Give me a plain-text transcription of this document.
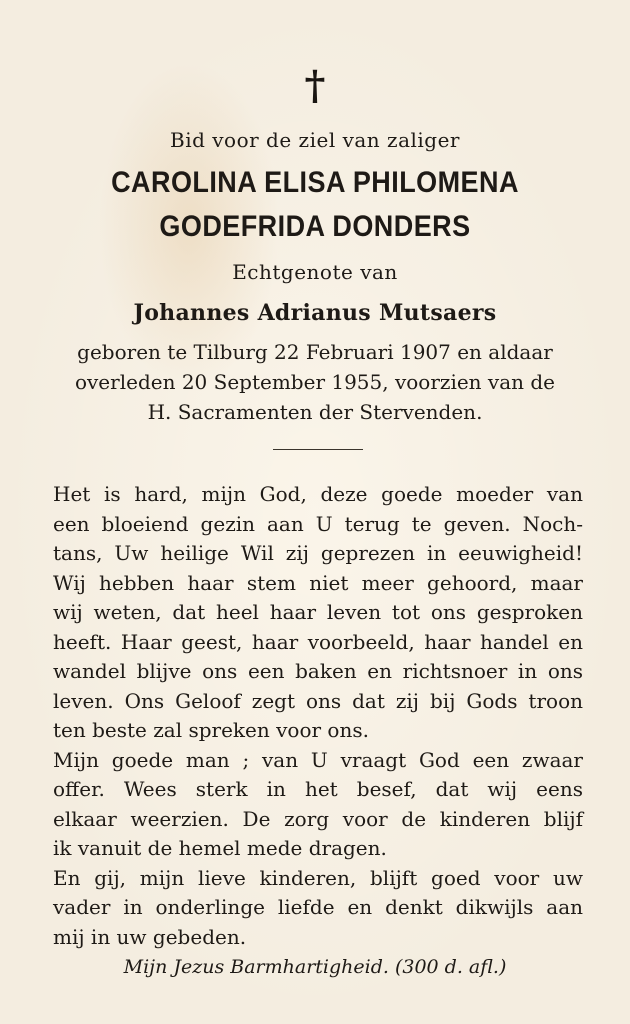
†
Bid voor de ziel van zaliger
CAROLINA ELISA PHILOMENA
GODEFRIDA DONDERS
Echtgenote van
Johannes Adrianus Mutsaers
geboren te Tilburg 22 Februari 1907 en aldaar
overleden 20 September 1955, voorzien van de
H. Sacramenten der Stervenden.
Het is hard, mijn God, deze goede moeder van
een bloeiend gezin aan U terug te geven. Noch-
tans, Uw heilige Wil zij geprezen in eeuwigheid!
Wij hebben haar stem niet meer gehoord, maar
wij weten, dat heel haar leven tot ons gesproken
heeft. Haar geest, haar voorbeeld, haar handel en
wandel blijve ons een baken en richtsnoer in ons
leven. Ons Geloof zegt ons dat zij bij Gods troon
ten beste zal spreken voor ons.
Mijn goede man ; van U vraagt God een zwaar
offer. Wees sterk in het besef, dat wij eens
elkaar weerzien. De zorg voor de kinderen blijf
ik vanuit de hemel mede dragen.
En gij, mijn lieve kinderen, blijft goed voor uw
vader in onderlinge liefde en denkt dikwijls aan
mij in uw gebeden.
Mijn Jezus Barmhartigheid. (300 d. afl.)
